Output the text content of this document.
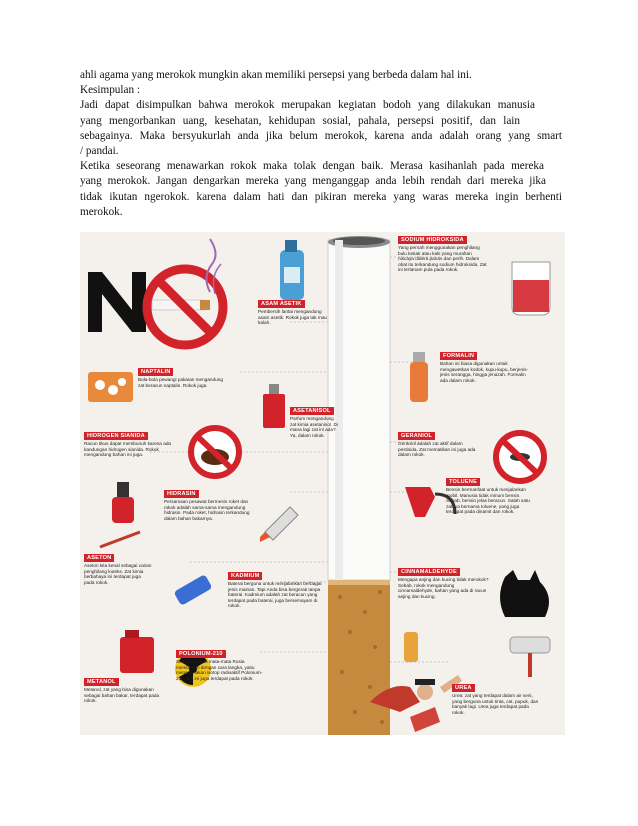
ahli agama yang merokok mungkin akan memiliki persepsi yang berbeda dalam hal ini.

Kesimpulan :

Jadi dapat disimpulkan bahwa merokok merupakan kegiatan bodoh yang dilakukan manusia

yang mengorbankan uang, kesehatan, kehidupan sosial, pahala, persepsi positif, dan lain

sebagainya. Maka bersyukurlah anda jika belum merokok, karena anda adalah orang yang smart

/ pandai.

Ketika seseorang menawarkan rokok maka tolak dengan baik. Merasa kasihanlah pada mereka

yang merokok. Jangan dengarkan mereka yang menganggap anda lebih rendah dari mereka jika

tidak ikutan ngerokok. karena dalam hati dan pikiran mereka yang waras mereka ingin berhenti

merokok.

ASAM ASETIK
Pembersih lantai mengandung asam asetik. Rokok juga tak mau kalah.
NAPTALIN
Bola-bola pewangi pakaian mengandung zat beracun naptalin. Rokok juga.
ASETANISOL
Parfum mengandung zat kimia asetanisol. Di mana lagi zat ini ada? Ya, dalam rokok.
HIDROGEN SIANIDA
Racun tikus dapat membunuh karena ada kandungan hidrogen sianida. Rokok mengandung bahan ini juga.
HIDRASIN
Persamaan pesawat bermesin roket dan rokok adalah sama-sama mengandung hidrasin. Pada roket, hidrasin terkandung dalam bahan bakarnya.
ASETON
Aseton kita kenal sebagai cairan penghilang kuteks. Zat kimia berbahaya ini terdapat juga pada rokok.
KADMIUM
Baterai berguna untuk menjalankan berbagai jenis mainan. Tapi Anda bisa bergerak tanpa baterai. Kadmium adalah zat beracun yang terdapat pada baterai, juga bersemayam di rokok.
METANOL
Metanol, zat yang bisa digunakan sebagai bahan bakar, terdapat pada rokok.
POLONIUM-210
Seorang bekas mata-mata Rusia membunuh dengan cara langka, yaitu menggunakan isotop radioaktif Polonium-210. Zat ini juga terdapat pada rokok.
SODIUM HIDROKSIDA
Yang pernah menggunakan penghilang bulu ketiak atau kaki yang murahan niscaya didera panas dan perih. Dalam obat itu terkandung sodium hidroksida. Zat ini tertanam pula pada rokok.
FORMALIN
Bahan ini biasa digunakan untuk mengawetkan kodok, kupu-kupu, berjenis-jenis serangga, hingga jenazah. Formalin ada dalam rokok.
GERANIOL
Geraniol adalah zat aktif dalam pestisida. Zat mematikan ini juga ada dalam rokok.
TOLUENE
Bensin bermanfaat untuk menjalankan mobil. Manusia tidak minum bensin. Sebab, bensin jelas beracun. Salah satu zatnya bernama toluene, yang juga terdapat pada dinamit dan rokok.
CINNAMALDEHYDE
Mengapa anjing dan kucing tidak merokok? Sebab, rokok mengandung cinnamaldehyde, bahan yang ada di racun anjing dan kucing.
UREA
Urea: zat yang terdapat dalam air seni, yang berguna untuk tinta, cat, pupuk, dan banyak lagi. Urea juga terdapat pada rokok.
